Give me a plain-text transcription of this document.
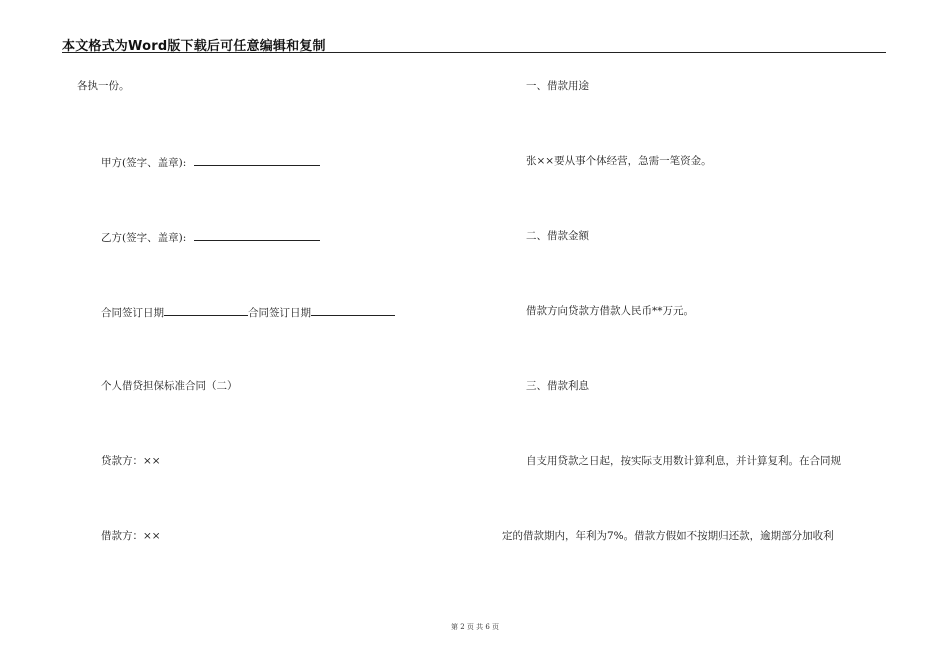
本文格式为Word版下载后可任意编辑和复制
各执一份。
甲方(签字、盖章):
乙方(签字、盖章):
合同签订日期	合同签订日期
个人借贷担保标准合同（二）
贷款方：××
借款方：××
一、借款用途
张××要从事个体经营，急需一笔资金。
二、借款金额
借款方向贷款方借款人民币**万元。
三、借款利息
自支用贷款之日起，按实际支用数计算利息，并计算复利。在合同规
定的借款期内，年利为7%。借款方假如不按期归还款，逾期部分加收利
第 2 页 共 6 页
